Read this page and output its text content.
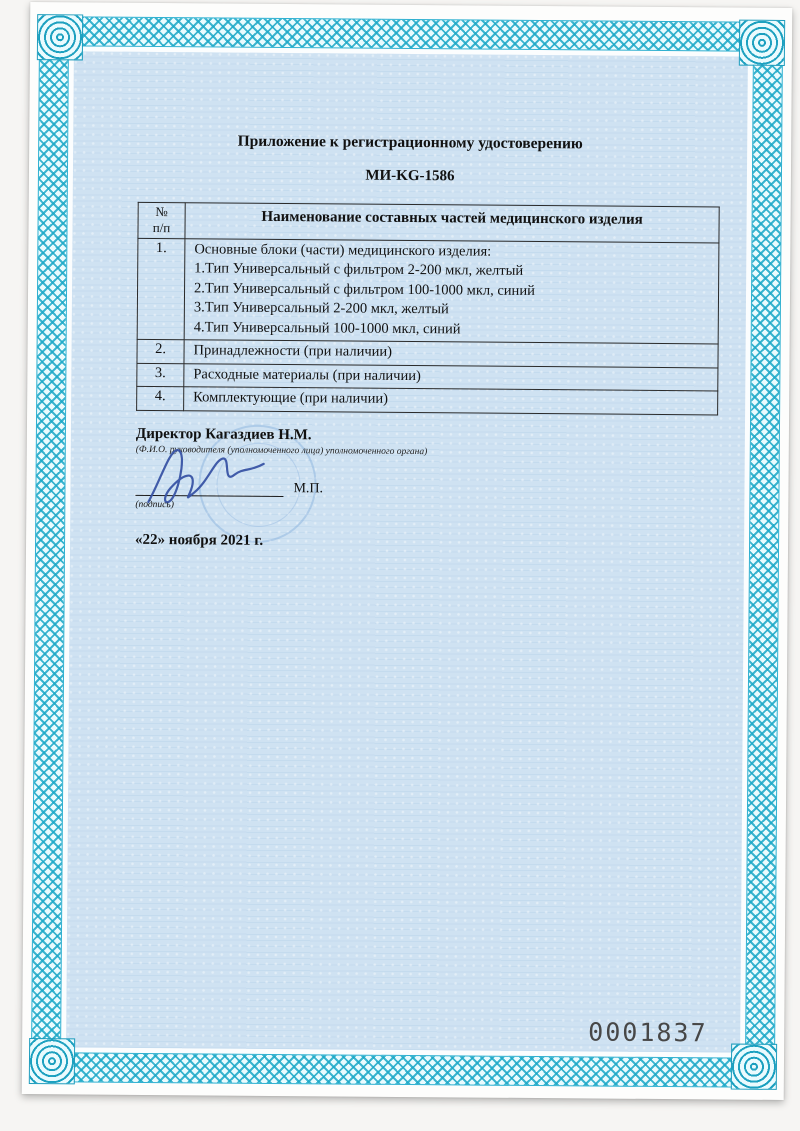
Приложение к регистрационному удостоверению
МИ-KG-1586
№
п/п	Наименование составных частей медицинского изделия
1.	Основные блоки (части) медицинского изделия:
1.Тип Универсальный с фильтром 2-200 мкл, желтый
2.Тип Универсальный с фильтром 100-1000 мкл, синий
3.Тип Универсальный 2-200 мкл, желтый
4.Тип Универсальный 100-1000 мкл, синий

2.	Принадлежности (при наличии)
3.	Расходные материалы (при наличии)
4.	Комплектующие (при наличии)
Директор Кагаздиев Н.М.
(Ф.И.О. руководителя (уполномоченного лица) уполномоченного органа)
М.П.
(подпись)
«22» ноября 2021 г.
0001837
